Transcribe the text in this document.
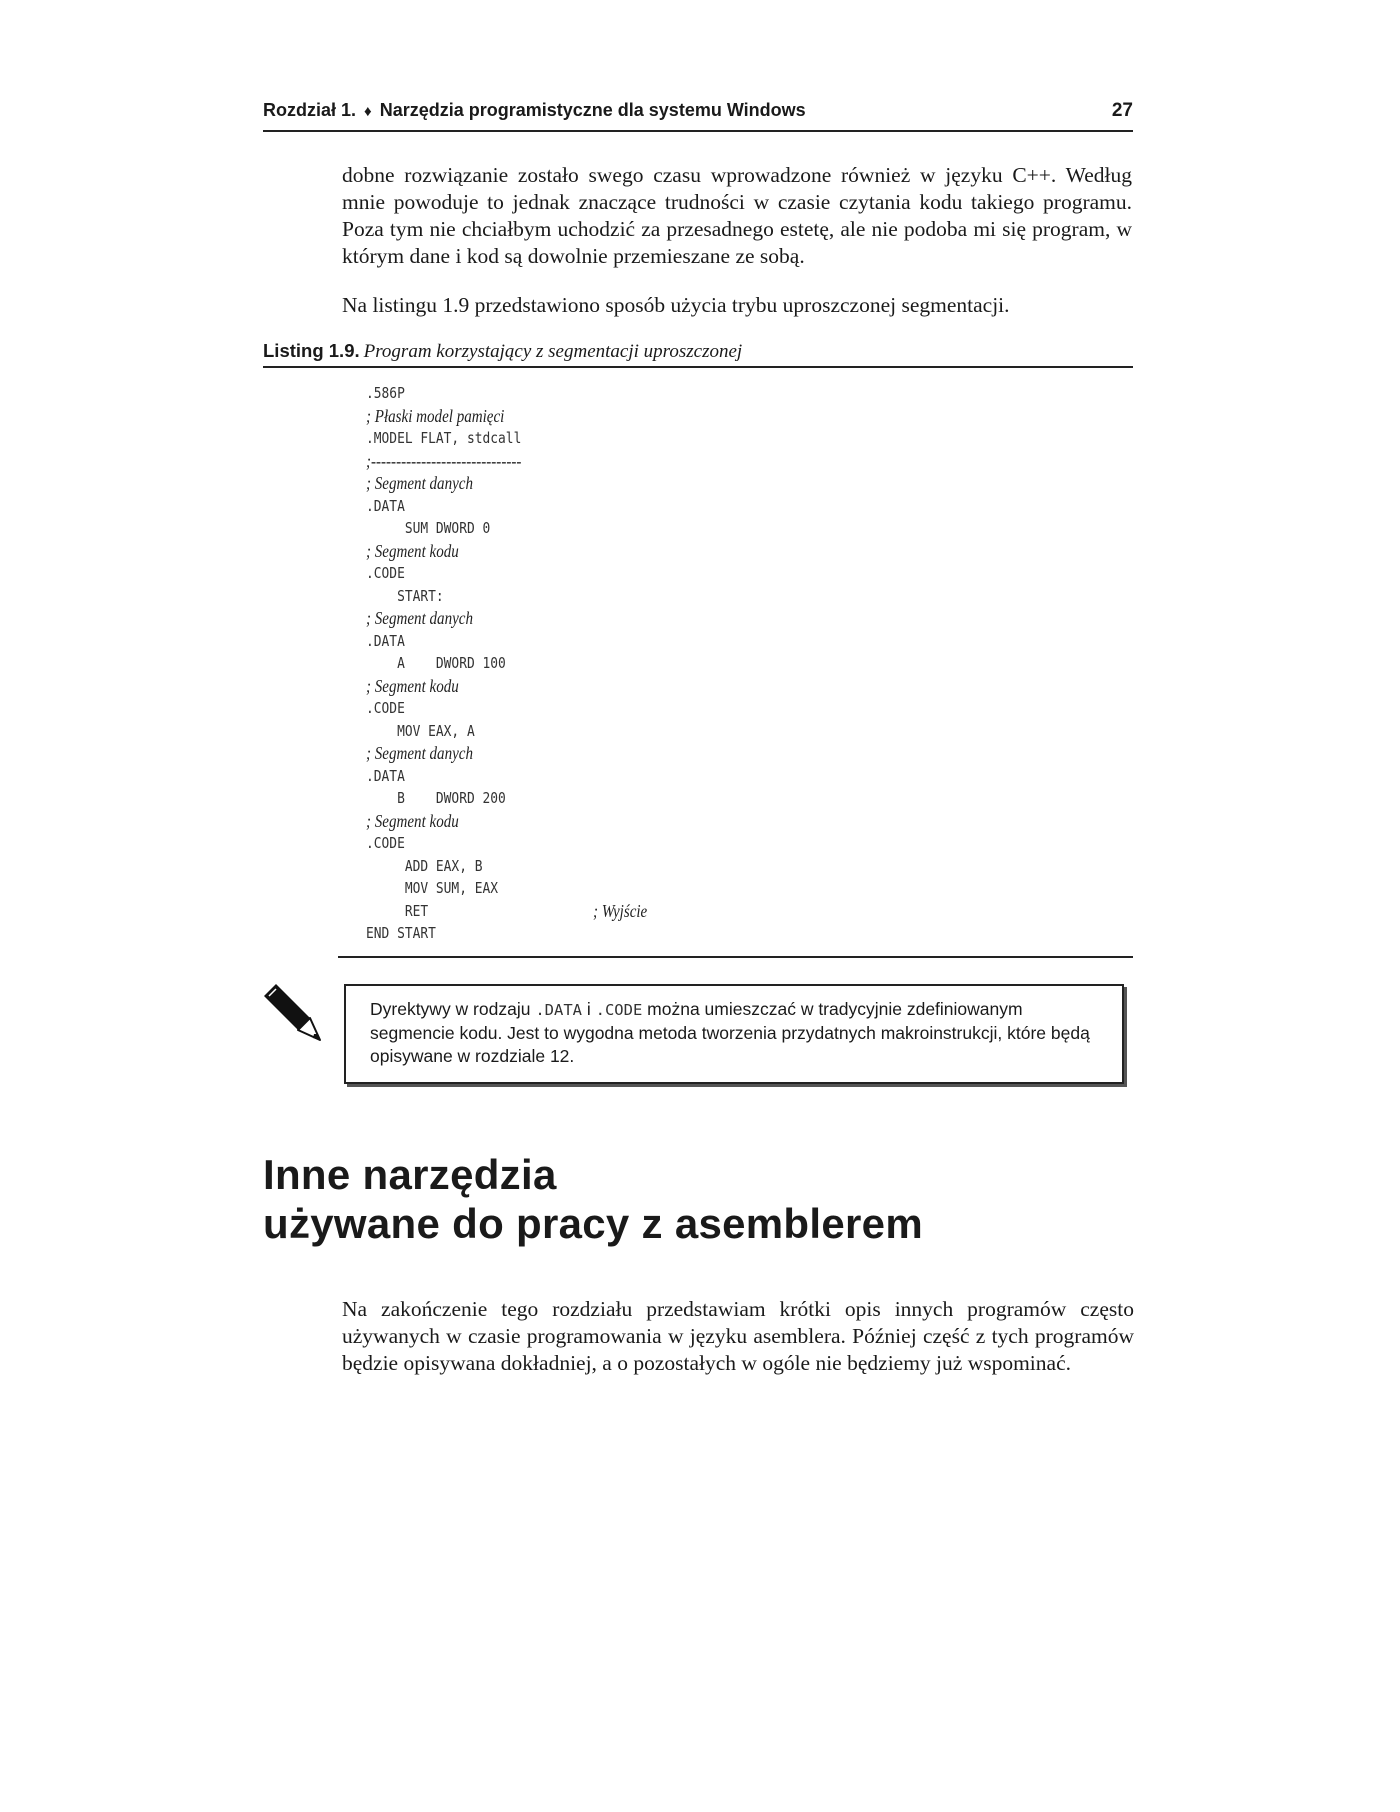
Rozdział 1. ♦ Narzędzia programistyczne dla systemu Windows	27

dobne rozwiązanie zostało swego czasu wprowadzone również w języku C++. Według mnie powoduje to jednak znaczące trudności w czasie czytania kodu takiego programu. Poza tym nie chciałbym uchodzić za przesadnego estetę, ale nie podoba mi się program, w którym dane i kod są dowolnie przemieszane ze sobą.

Na listingu 1.9 przedstawiono sposób użycia trybu uproszczonej segmentacji.

Listing 1.9. Program korzystający z segmentacji uproszczonej
.586P
; Płaski model pamięci
.MODEL FLAT, stdcall
;------------------------------
; Segment danych
.DATA
SUM DWORD 0
; Segment kodu
.CODE
START:
; Segment danych
.DATA
A    DWORD 100
; Segment kodu
.CODE
MOV EAX, A
; Segment danych
.DATA
B    DWORD 200
; Segment kodu
.CODE
ADD EAX, B
MOV SUM, EAX
RET	; Wyjście
END START

Dyrektywy w rodzaju .DATA i .CODE można umieszczać w tradycyjnie zdefiniowanym segmencie kodu. Jest to wygodna metoda tworzenia przydatnych makroinstrukcji, które będą opisywane w rozdziale 12.

Inne narzędzia
używane do pracy z asemblerem

Na zakończenie tego rozdziału przedstawiam krótki opis innych programów często używanych w czasie programowania w języku asemblera. Później część z tych programów będzie opisywana dokładniej, a o pozostałych w ogóle nie będziemy już wspominać.
